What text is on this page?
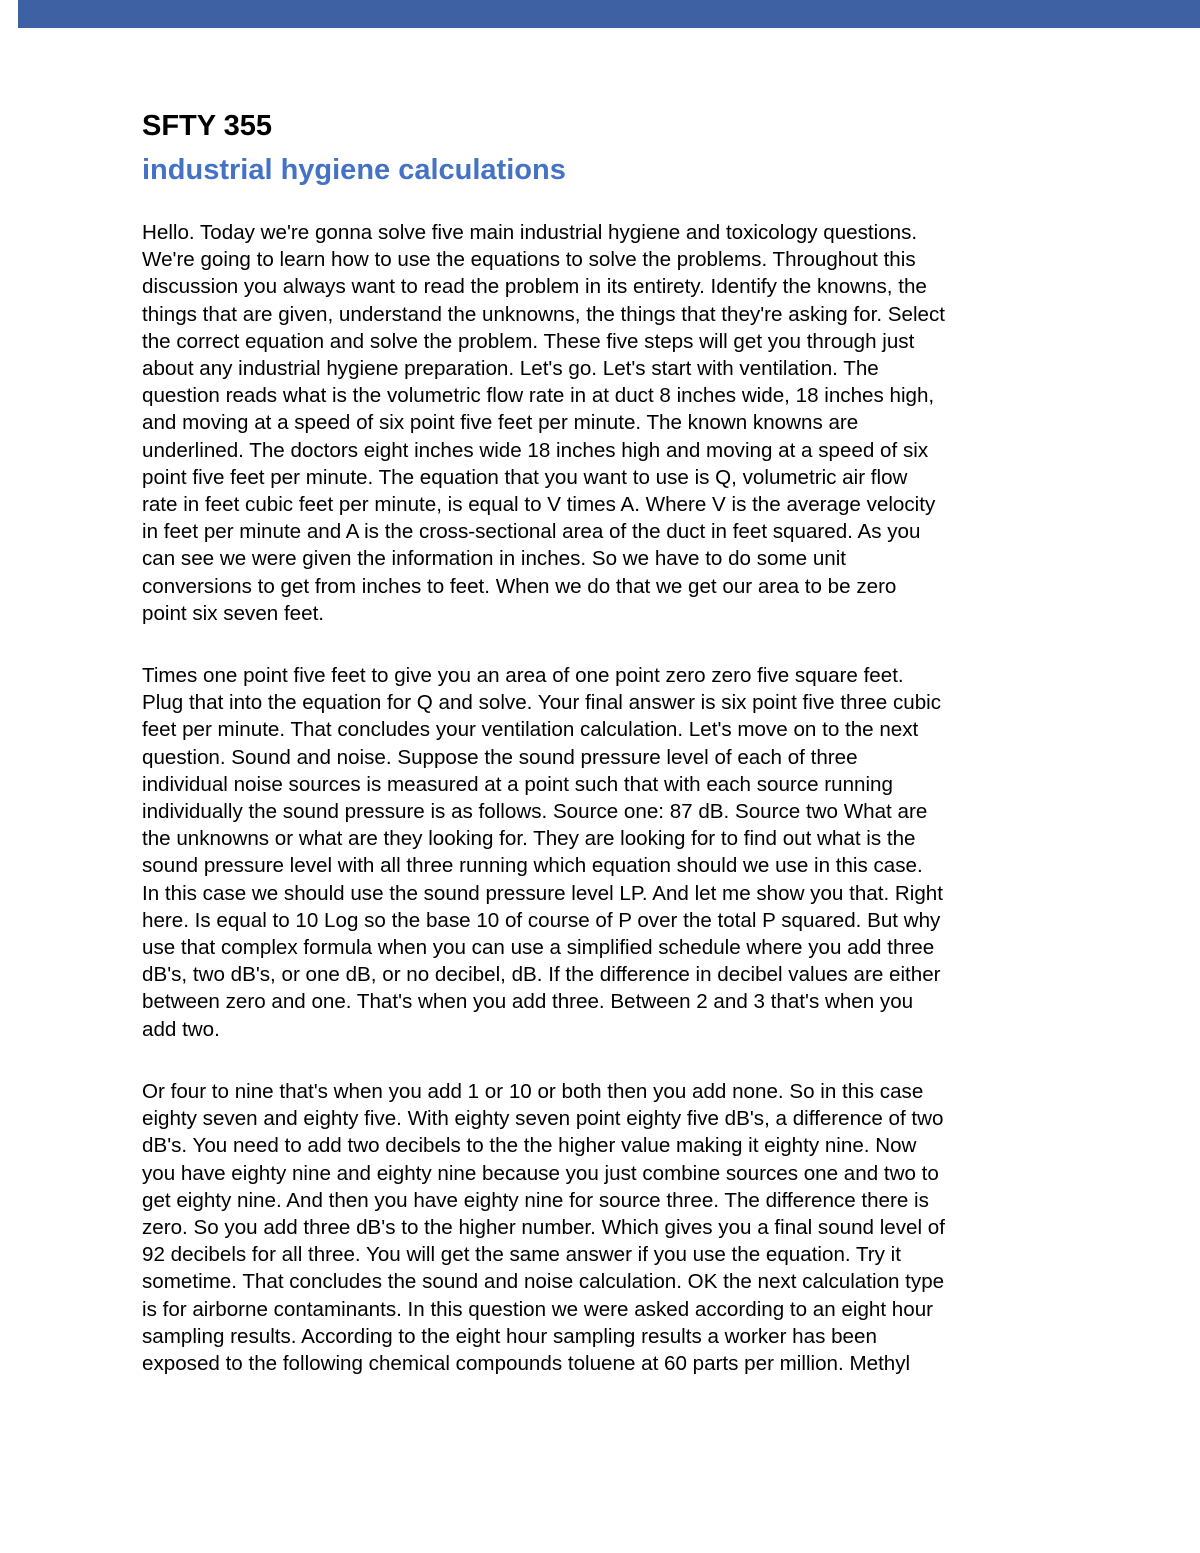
SFTY 355
industrial hygiene calculations

Hello. Today we're gonna solve five main industrial hygiene and toxicology questions.
We're going to learn how to use the equations to solve the problems. Throughout this
discussion you always want to read the problem in its entirety. Identify the knowns, the
things that are given, understand the unknowns, the things that they're asking for. Select
the correct equation and solve the problem. These five steps will get you through just
about any industrial hygiene preparation. Let's go. Let's start with ventilation. The
question reads what is the volumetric flow rate in at duct 8 inches wide, 18 inches high,
and moving at a speed of six point five feet per minute. The known knowns are
underlined. The doctors eight inches wide 18 inches high and moving at a speed of six
point five feet per minute. The equation that you want to use is Q, volumetric air flow
rate in feet cubic feet per minute, is equal to V times A. Where V is the average velocity
in feet per minute and A is the cross-sectional area of the duct in feet squared. As you
can see we were given the information in inches. So we have to do some unit
conversions to get from inches to feet. When we do that we get our area to be zero
point six seven feet.

Times one point five feet to give you an area of one point zero zero five square feet.
Plug that into the equation for Q and solve. Your final answer is six point five three cubic
feet per minute. That concludes your ventilation calculation. Let's move on to the next
question. Sound and noise. Suppose the sound pressure level of each of three
individual noise sources is measured at a point such that with each source running
individually the sound pressure is as follows. Source one: 87 dB. Source two What are
the unknowns or what are they looking for. They are looking for to find out what is the
sound pressure level with all three running which equation should we use in this case.
In this case we should use the sound pressure level LP. And let me show you that. Right
here. Is equal to 10 Log so the base 10 of course of P over the total P squared. But why
use that complex formula when you can use a simplified schedule where you add three
dB's, two dB's, or one dB, or no decibel, dB. If the difference in decibel values are either
between zero and one. That's when you add three. Between 2 and 3 that's when you
add two.

Or four to nine that's when you add 1 or 10 or both then you add none. So in this case
eighty seven and eighty five. With eighty seven point eighty five dB's, a difference of two
dB's. You need to add two decibels to the the higher value making it eighty nine. Now
you have eighty nine and eighty nine because you just combine sources one and two to
get eighty nine. And then you have eighty nine for source three. The difference there is
zero. So you add three dB's to the higher number. Which gives you a final sound level of
92 decibels for all three. You will get the same answer if you use the equation. Try it
sometime. That concludes the sound and noise calculation. OK the next calculation type
is for airborne contaminants. In this question we were asked according to an eight hour
sampling results. According to the eight hour sampling results a worker has been
exposed to the following chemical compounds toluene at 60 parts per million. Methyl
